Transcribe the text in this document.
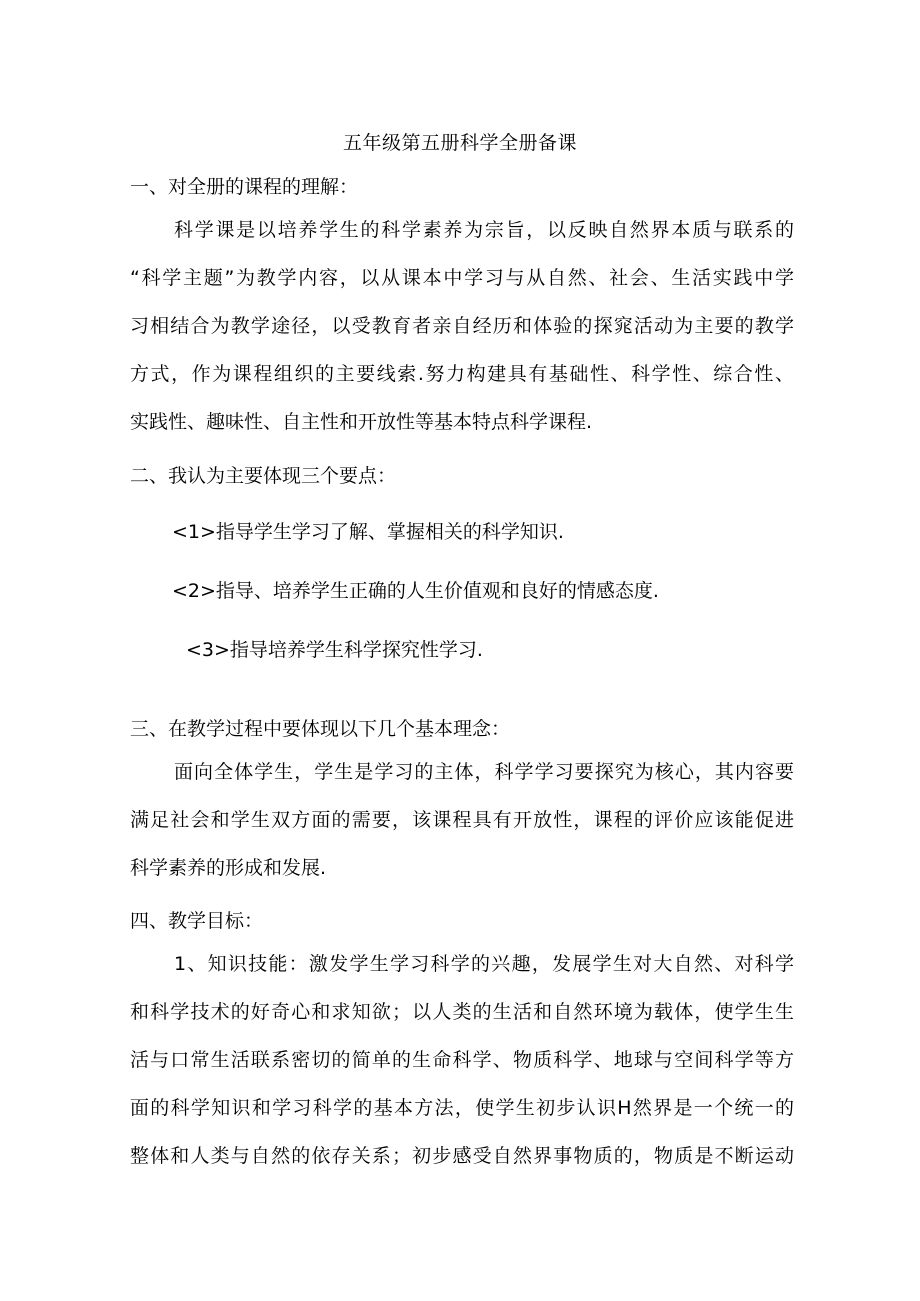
五年级第五册科学全册备课
一、对全册的课程的理解：
科学课是以培养学生的科学素养为宗旨，以反映自然界本质与联系的
“科学主题”为教学内容，以从课本中学习与从自然、社会、生活实践中学
习相结合为教学途径，以受教育者亲自经历和体验的探窕活动为主要的教学
方式，作为课程组织的主要线索.努力构建具有基础性、科学性、综合性、
实践性、趣味性、自主性和开放性等基本特点科学课程.
二、我认为主要体现三个要点：
<1>指导学生学习了解、掌握相关的科学知识.
<2>指导、培养学生正确的人生价值观和良好的情感态度.
<3>指导培养学生科学探究性学习.
三、在教学过程中要体现以下几个基本理念：
面向全体学生，学生是学习的主体，科学学习要探究为核心，其内容要
满足社会和学生双方面的需要，该课程具有开放性，课程的评价应该能促进
科学素养的形成和发展.
四、教学目标：
1、知识技能：激发学生学习科学的兴趣，发展学生对大自然、对科学
和科学技术的好奇心和求知欲；以人类的生活和自然环境为载体，使学生生
活与口常生活联系密切的简单的生命科学、物质科学、地球与空间科学等方
面的科学知识和学习科学的基本方法，使学生初步认识H然界是一个统一的
整体和人类与自然的依存关系；初步感受自然界事物质的，物质是不断运动
